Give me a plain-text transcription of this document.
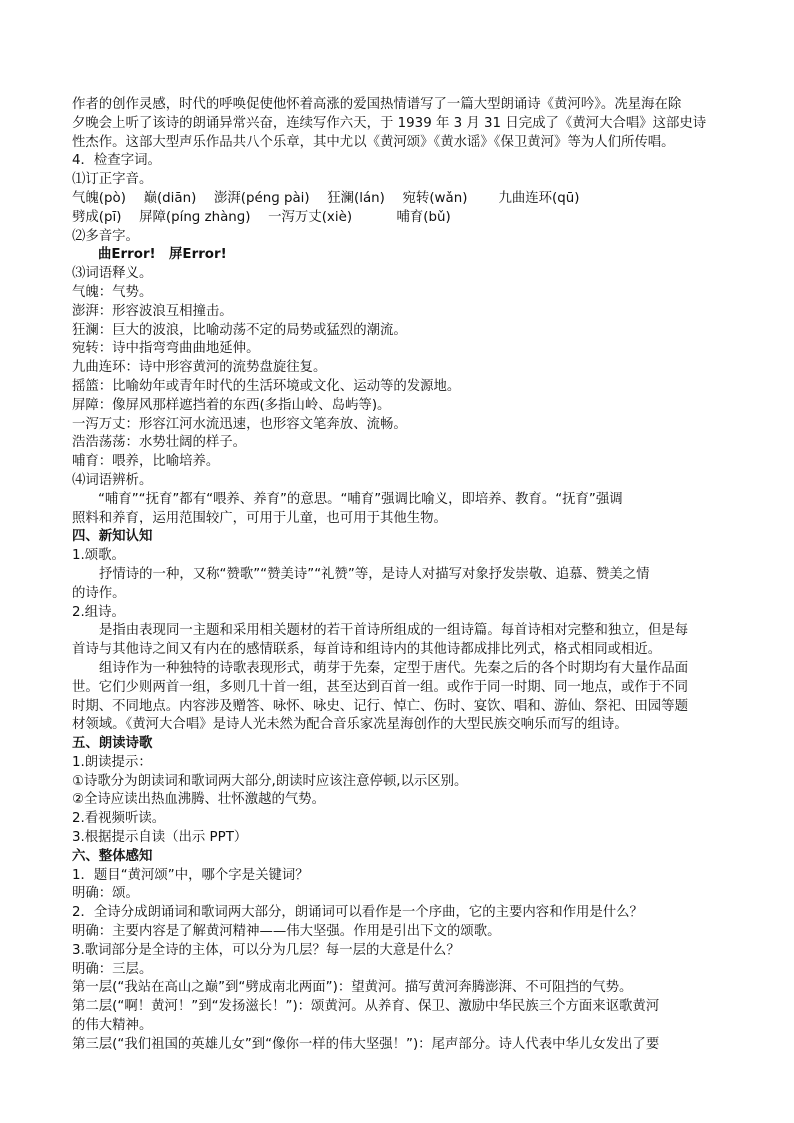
作者的创作灵感，时代的呼唤促使他怀着高涨的爱国热情谱写了一篇大型朗诵诗《黄河吟》。冼星海在除
夕晚会上听了该诗的朗诵异常兴奋，连续写作六天，于 1939 年 3 月 31 日完成了《黄河大合唱》这部史诗
性杰作。这部大型声乐作品共八个乐章，其中尤以《黄河颂》《黄水谣》《保卫黄河》等为人们所传唱。
4．检查字词。
⑴订正字音。
气魄(pò)　 巅(diān)　 澎湃(pénɡ pài)　 狂澜(lán)　 宛转(wǎn)　　 九曲连环(qū)
劈成(pī)　 屏障(pínɡ zhànɡ)　 一泻万丈(xiè)　　　 哺育(bǔ)
⑵多音字。
曲Error!　屏Error!
⑶词语释义。
气魄：气势。
澎湃：形容波浪互相撞击。
狂澜：巨大的波浪，比喻动荡不定的局势或猛烈的潮流。
宛转：诗中指弯弯曲曲地延伸。
九曲连环：诗中形容黄河的流势盘旋往复。
摇篮：比喻幼年或青年时代的生活环境或文化、运动等的发源地。
屏障：像屏风那样遮挡着的东西(多指山岭、岛屿等)。
一泻万丈：形容江河水流迅速，也形容文笔奔放、流畅。
浩浩荡荡：水势壮阔的样子。
哺育：喂养，比喻培养。
⑷词语辨析。
“哺育”“抚育”都有“喂养、养育”的意思。“哺育”强调比喻义，即培养、教育。“抚育”强调
照料和养育，运用范围较广，可用于儿童，也可用于其他生物。
四、新知认知
1.颂歌。
抒情诗的一种，又称“赞歌”“赞美诗”“礼赞”等，是诗人对描写对象抒发崇敬、追慕、赞美之情
的诗作。
2.组诗。
是指由表现同一主题和采用相关题材的若干首诗所组成的一组诗篇。每首诗相对完整和独立，但是每
首诗与其他诗之间又有内在的感情联系，每首诗和组诗内的其他诗都成排比列式，格式相同或相近。
组诗作为一种独特的诗歌表现形式，萌芽于先秦，定型于唐代。先秦之后的各个时期均有大量作品面
世。它们少则两首一组，多则几十首一组，甚至达到百首一组。或作于同一时期、同一地点，或作于不同
时期、不同地点。内容涉及赠答、咏怀、咏史、记行、悼亡、伤时、宴饮、唱和、游仙、祭祀、田园等题
材领域。《黄河大合唱》是诗人光未然为配合音乐家冼星海创作的大型民族交响乐而写的组诗。
五、朗读诗歌
1.朗读提示：
①诗歌分为朗读词和歌词两大部分,朗读时应该注意停顿,以示区别。
②全诗应读出热血沸腾、壮怀激越的气势。
2.看视频听读。
3.根据提示自读（出示 PPT）
六、整体感知
1．题目“黄河颂”中，哪个字是关键词？
明确：颂。
2．全诗分成朗诵词和歌词两大部分，朗诵词可以看作是一个序曲，它的主要内容和作用是什么？
明确：主要内容是了解黄河精神——伟大坚强。作用是引出下文的颂歌。
3.歌词部分是全诗的主体，可以分为几层？每一层的大意是什么？
明确：三层。
第一层(“我站在高山之巅”到“劈成南北两面”)：望黄河。描写黄河奔腾澎湃、不可阻挡的气势。
第二层(“啊！黄河！”到“发扬滋长！”)：颂黄河。从养育、保卫、激励中华民族三个方面来讴歌黄河
的伟大精神。
第三层(“我们祖国的英雄儿女”到“像你一样的伟大坚强！”)：尾声部分。诗人代表中华儿女发出了要
